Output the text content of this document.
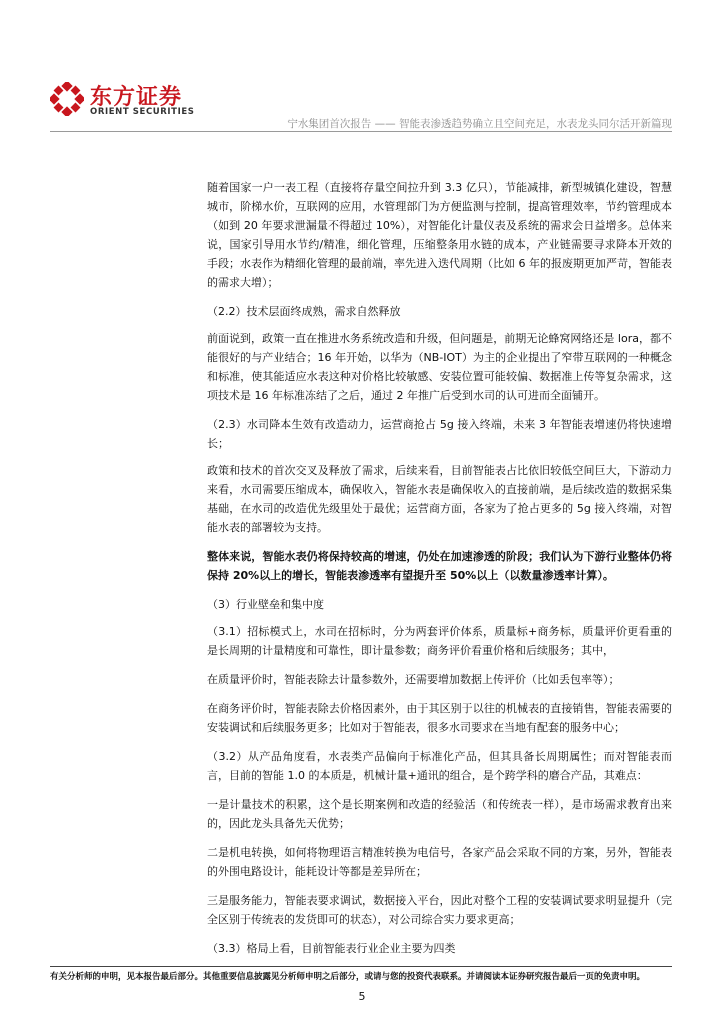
东方证券
ORIENT SECURITIES
宁水集团首次报告 —— 智能表渗透趋势确立且空间充足，水表龙头同尔活开新篇现

随着国家一户一表工程（直接将存量空间拉升到 3.3 亿只），节能减排，新型城镇化建设，智慧城市，阶梯水价，互联网的应用，水管理部门为方便监测与控制，提高管理效率，节约管理成本（如到 20 年要求泄漏量不得超过 10%），对智能化计量仪表及系统的需求会日益增多。总体来说，国家引导用水节约/精准，细化管理，压缩整条用水链的成本，产业链需要寻求降本开效的手段；水表作为精细化管理的最前端，率先进入迭代周期（比如 6 年的报废期更加严苛，智能表的需求大增）；

（2.2）技术层面终成熟，需求自然释放

前面说到，政策一直在推进水务系统改造和升级，但问题是，前期无论蜂窝网络还是 lora，都不能很好的与产业结合；16 年开始，以华为（NB-IOT）为主的企业提出了窄带互联网的一种概念和标准，使其能适应水表这种对价格比较敏感、安装位置可能较偏、数据准上传等复杂需求，这项技术是 16 年标准冻结了之后，通过 2 年推广后受到水司的认可进而全面铺开。

（2.3）水司降本生效有改造动力，运营商抢占 5g 接入终端，未来 3 年智能表增速仍将快速增长；

政策和技术的首次交叉及释放了需求，后续来看，目前智能表占比依旧较低空间巨大，下游动力来看，水司需要压缩成本，确保收入，智能水表是确保收入的直接前端，是后续改造的数据采集基础，在水司的改造优先级里处于最优；运营商方面，各家为了抢占更多的 5g 接入终端，对智能水表的部署较为支持。

整体来说，智能水表仍将保持较高的增速，仍处在加速渗透的阶段；我们认为下游行业整体仍将保持 20%以上的增长，智能表渗透率有望提升至 50%以上（以数量渗透率计算）。

（3）行业壁垒和集中度

（3.1）招标模式上，水司在招标时，分为两套评价体系，质量标+商务标，质量评价更看重的是长周期的计量精度和可靠性，即计量参数；商务评价看重价格和后续服务；其中，

在质量评价时，智能表除去计量参数外，还需要增加数据上传评价（比如丢包率等）；

在商务评价时，智能表除去价格因素外，由于其区别于以往的机械表的直接销售，智能表需要的安装调试和后续服务更多；比如对于智能表，很多水司要求在当地有配套的服务中心；

（3.2）从产品角度看，水表类产品偏向于标准化产品，但其具备长周期属性；而对智能表而言，目前的智能 1.0 的本质是，机械计量+通讯的组合，是个跨学科的磨合产品，其难点：

一是计量技术的积累，这个是长期案例和改造的经验活（和传统表一样），是市场需求教育出来的，因此龙头具备先天优势；

二是机电转换，如何将物理语言精准转换为电信号，各家产品会采取不同的方案，另外，智能表的外围电路设计，能耗设计等都是差异所在；

三是服务能力，智能表要求调试，数据接入平台，因此对整个工程的安装调试要求明显提升（完全区别于传统表的发货即可的状态），对公司综合实力要求更高；

（3.3）格局上看，目前智能表行业企业主要为四类

有关分析师的申明，见本报告最后部分。其他重要信息披露见分析师申明之后部分，或请与您的投资代表联系。并请阅读本证券研究报告最后一页的免责申明。
5
